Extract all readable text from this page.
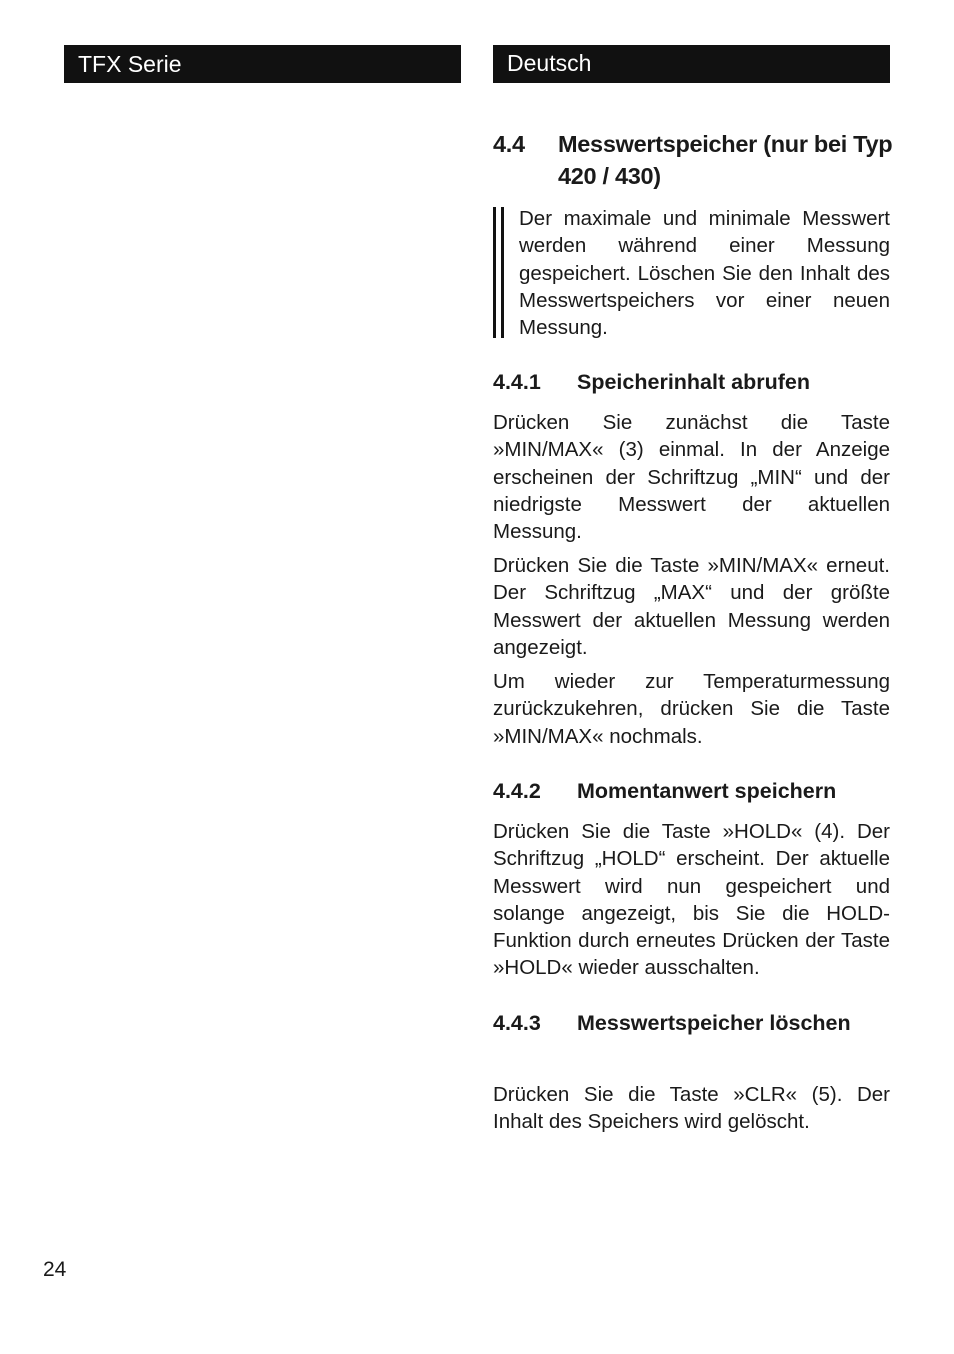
TFX Serie	Deutsch
4.4 Messwertspeicher (nur bei Typ 420 / 430)
Der maximale und minimale Messwert werden während einer Messung gespeichert. Löschen Sie den Inhalt des Messwertspeichers vor einer neuen Messung.
4.4.1 Speicherinhalt abrufen
Drücken Sie zunächst die Taste »MIN/MAX« (3) einmal. In der Anzeige erscheinen der Schriftzug „MIN“ und der niedrigste Messwert der aktuellen Messung.
Drücken Sie die Taste »MIN/MAX« erneut. Der Schriftzug „MAX“ und der größte Messwert der aktuellen Messung werden angezeigt.
Um wieder zur Temperaturmessung zurückzukehren, drücken Sie die Taste »MIN/MAX« nochmals.
4.4.2 Momentanwert speichern
Drücken Sie die Taste »HOLD« (4). Der Schriftzug „HOLD“ erscheint. Der aktuelle Messwert wird nun gespeichert und solange angezeigt, bis Sie die HOLD-Funktion durch erneutes Drücken der Taste »HOLD« wieder ausschalten.
4.4.3 Messwertspeicher löschen
Drücken Sie die Taste »CLR« (5). Der Inhalt des Speichers wird gelöscht.
24
